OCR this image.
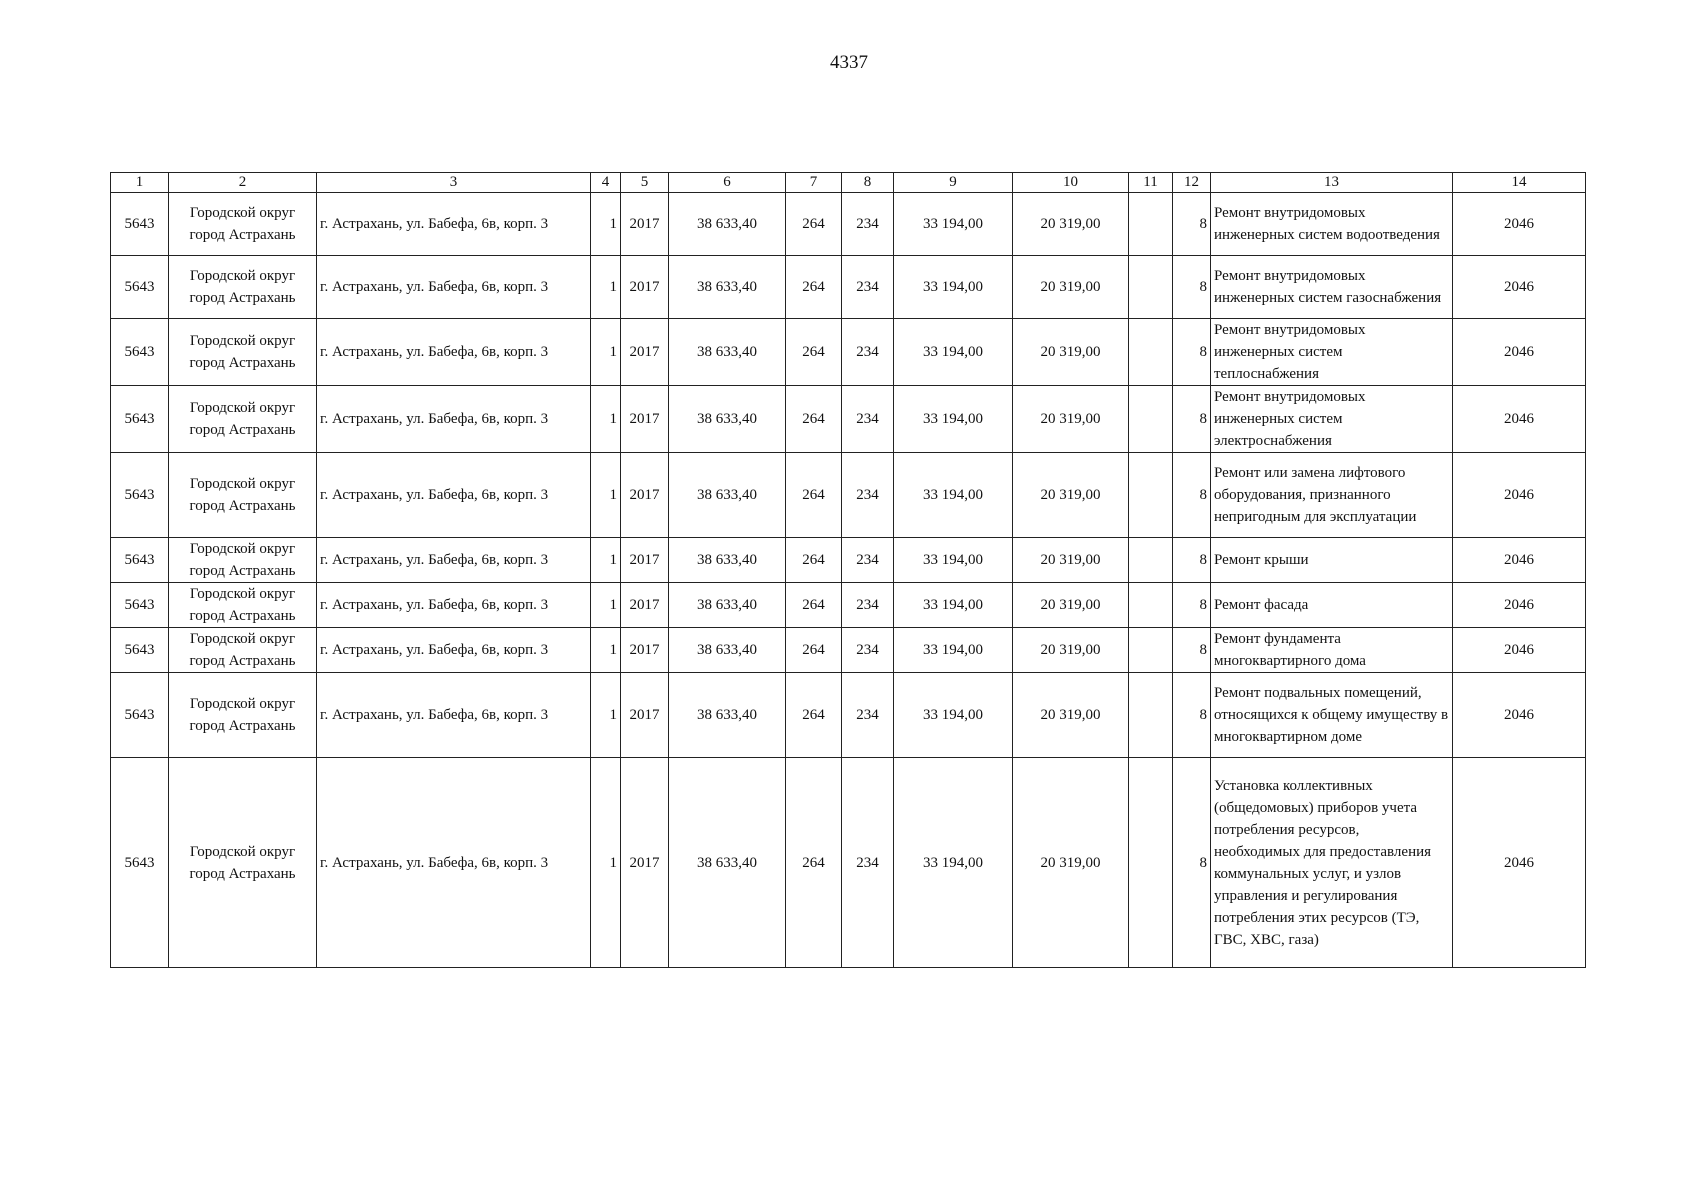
4337
1	2	3	4	5	6	7	8	9	10	11	12	13	14
5643	Городской округ город Астрахань	г. Астрахань, ул. Бабефа, 6в, корп. 3	1	2017	38 633,40	264	234	33 194,00	20 319,00		8	Ремонт внутридомовых инженерных систем водоотведения	2046
5643	Городской округ город Астрахань	г. Астрахань, ул. Бабефа, 6в, корп. 3	1	2017	38 633,40	264	234	33 194,00	20 319,00		8	Ремонт внутридомовых инженерных систем газоснабжения	2046
5643	Городской округ город Астрахань	г. Астрахань, ул. Бабефа, 6в, корп. 3	1	2017	38 633,40	264	234	33 194,00	20 319,00		8	Ремонт внутридомовых инженерных систем теплоснабжения	2046
5643	Городской округ город Астрахань	г. Астрахань, ул. Бабефа, 6в, корп. 3	1	2017	38 633,40	264	234	33 194,00	20 319,00		8	Ремонт внутридомовых инженерных систем электроснабжения	2046
5643	Городской округ город Астрахань	г. Астрахань, ул. Бабефа, 6в, корп. 3	1	2017	38 633,40	264	234	33 194,00	20 319,00		8	Ремонт или замена лифтового оборудования, признанного непригодным для эксплуатации	2046
5643	Городской округ город Астрахань	г. Астрахань, ул. Бабефа, 6в, корп. 3	1	2017	38 633,40	264	234	33 194,00	20 319,00		8	Ремонт крыши	2046
5643	Городской округ город Астрахань	г. Астрахань, ул. Бабефа, 6в, корп. 3	1	2017	38 633,40	264	234	33 194,00	20 319,00		8	Ремонт фасада	2046
5643	Городской округ город Астрахань	г. Астрахань, ул. Бабефа, 6в, корп. 3	1	2017	38 633,40	264	234	33 194,00	20 319,00		8	Ремонт фундамента многоквартирного дома	2046
5643	Городской округ город Астрахань	г. Астрахань, ул. Бабефа, 6в, корп. 3	1	2017	38 633,40	264	234	33 194,00	20 319,00		8	Ремонт подвальных помещений, относящихся к общему имуществу в многоквартирном доме	2046
5643	Городской округ город Астрахань	г. Астрахань, ул. Бабефа, 6в, корп. 3	1	2017	38 633,40	264	234	33 194,00	20 319,00		8	Установка коллективных (общедомовых) приборов учета потребления ресурсов, необходимых для предоставления коммунальных услуг, и узлов управления и регулирования потребления этих ресурсов (ТЭ, ГВС, ХВС, газа)	2046
